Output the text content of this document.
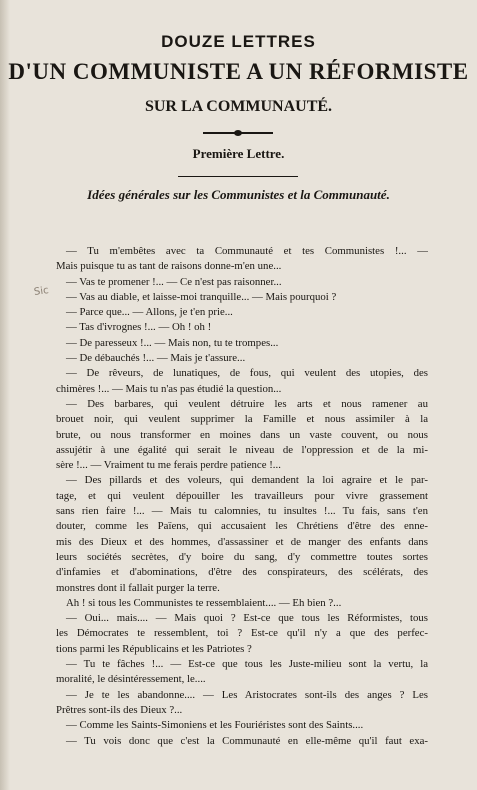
DOUZE LETTRES
D'UN COMMUNISTE A UN RÉFORMISTE
SUR LA COMMUNAUTÉ.
Première Lettre.
Idées générales sur les Communistes et la Communauté.
Sic
— Tu m'embêtes avec ta Communauté et tes Communistes !... —
Mais puisque tu as tant de raisons donne-m'en une...
— Vas te promener !... — Ce n'est pas raisonner...
— Vas au diable, et laisse-moi tranquille... — Mais pourquoi ?
— Parce que... — Allons, je t'en prie...
— Tas d'ivrognes !... — Oh ! oh !
— De paresseux !... — Mais non, tu te trompes...
— De débauchés !... — Mais je t'assure...
— De rêveurs, de lunatiques, de fous, qui veulent des utopies, des
chimères !... — Mais tu n'as pas étudié la question...
— Des barbares, qui veulent détruire les arts et nous ramener au
brouet noir, qui veulent supprimer la Famille et nous assimiler à la
brute, ou nous transformer en moines dans un vaste couvent, ou nous
assujétir à une égalité qui serait le niveau de l'oppression et de la mi-
sère !... — Vraiment tu me ferais perdre patience !...
— Des pillards et des voleurs, qui demandent la loi agraire et le par-
tage, et qui veulent dépouiller les travailleurs pour vivre grassement
sans rien faire !... — Mais tu calomnies, tu insultes !... Tu fais, sans t'en
douter, comme les Païens, qui accusaient les Chrétiens d'être des enne-
mis des Dieux et des hommes, d'assassiner et de manger des enfants dans
leurs sociétés secrètes, d'y boire du sang, d'y commettre toutes sortes
d'infamies et d'abominations, d'être des conspirateurs, des scélérats, des
monstres dont il fallait purger la terre.
Ah ! si tous les Communistes te ressemblaient.... — Eh bien ?...
— Oui... mais.... — Mais quoi ? Est-ce que tous les Réformistes, tous
les Démocrates te ressemblent, toi ? Est-ce qu'il n'y a que des perfec-
tions parmi les Républicains et les Patriotes ?
— Tu te fâches !... — Est-ce que tous les Juste-milieu sont la vertu, la
moralité, le désintéressement, le....
— Je te les abandonne.... — Les Aristocrates sont-ils des anges ? Les
Prêtres sont-ils des Dieux ?...
— Comme les Saints-Simoniens et les Fouriéristes sont des Saints....
— Tu vois donc que c'est la Communauté en elle-même qu'il faut exa-
